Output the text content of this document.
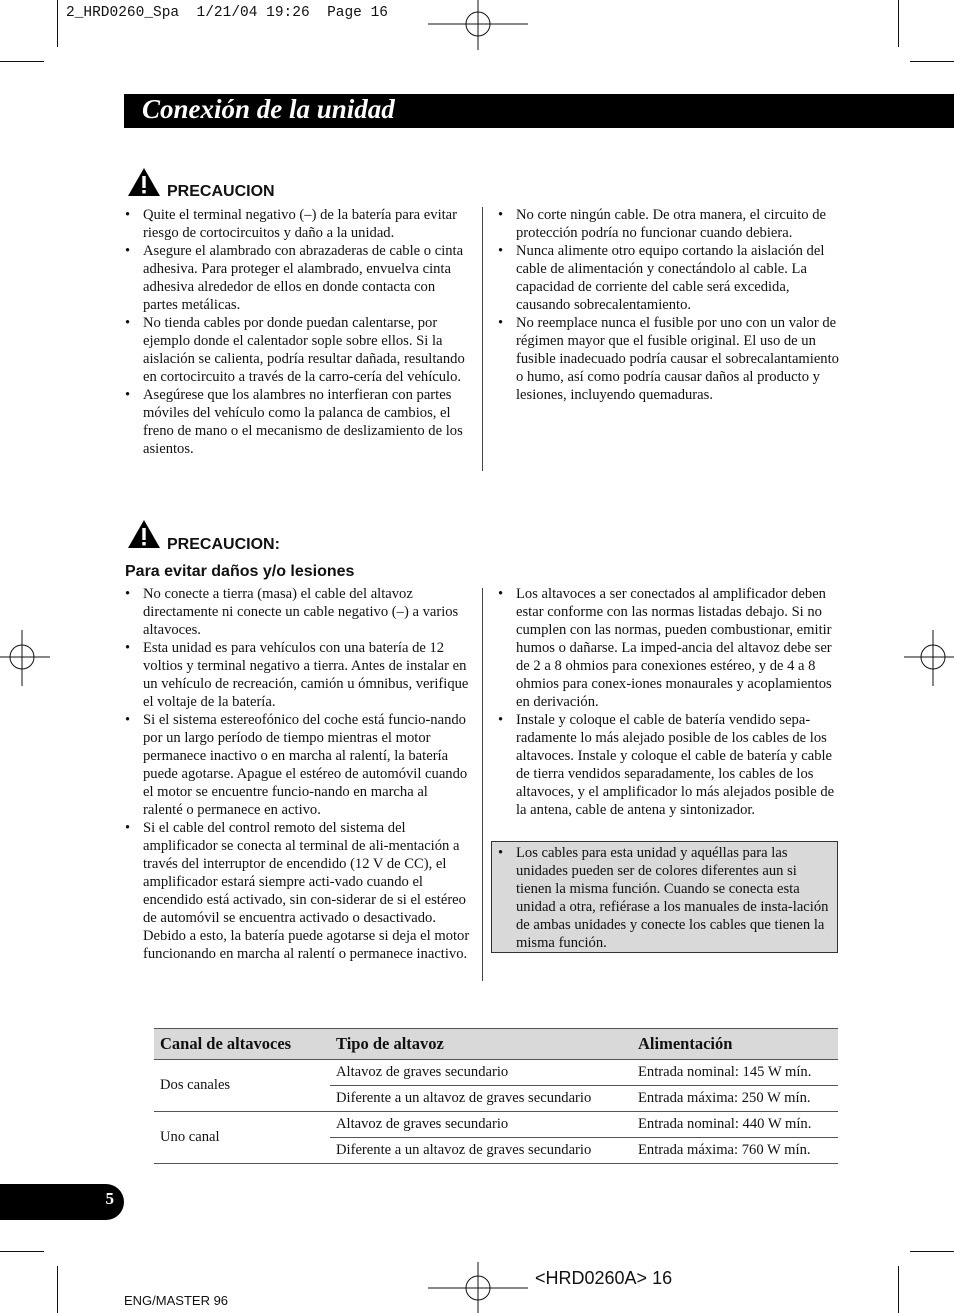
2_HRD0260_Spa 1/21/04 19:26 Page 16
Conexión de la unidad
PRECAUCION
• Quite el terminal negativo (–) de la batería para evitar riesgo de cortocircuitos y daño a la unidad.
• Asegure el alambrado con abrazaderas de cable o cinta adhesiva. Para proteger el alambrado, envuelva cinta adhesiva alrededor de ellos en donde contacta con partes metálicas.
• No tienda cables por donde puedan calentarse, por ejemplo donde el calentador sople sobre ellos. Si la aislación se calienta, podría resultar dañada, resultando en cortocircuito a través de la carro-cería del vehículo.
• Asegúrese que los alambres no interfieran con partes móviles del vehículo como la palanca de cambios, el freno de mano o el mecanismo de deslizamiento de los asientos.
• No corte ningún cable. De otra manera, el circuito de protección podría no funcionar cuando debiera.
• Nunca alimente otro equipo cortando la aislación del cable de alimentación y conectándolo al cable. La capacidad de corriente del cable será excedida, causando sobrecalentamiento.
• No reemplace nunca el fusible por uno con un valor de régimen mayor que el fusible original. El uso de un fusible inadecuado podría causar el sobrecalantamiento o humo, así como podría causar daños al producto y lesiones, incluyendo quemaduras.
PRECAUCION:
Para evitar daños y/o lesiones
• No conecte a tierra (masa) el cable del altavoz directamente ni conecte un cable negativo (–) a varios altavoces.
• Esta unidad es para vehículos con una batería de 12 voltios y terminal negativo a tierra. Antes de instalar en un vehículo de recreación, camión u ómnibus, verifique el voltaje de la batería.
• Si el sistema estereofónico del coche está funcio-nando por un largo período de tiempo mientras el motor permanece inactivo o en marcha al ralentí, la batería puede agotarse. Apague el estéreo de automóvil cuando el motor se encuentre funcio-nando en marcha al ralenté o permanece en activo.
• Si el cable del control remoto del sistema del amplificador se conecta al terminal de ali-mentación a través del interruptor de encendido (12 V de CC), el amplificador estará siempre acti-vado cuando el encendido está activado, sin con-siderar de si el estéreo de automóvil se encuentra activado o desactivado. Debido a esto, la batería puede agotarse si deja el motor funcionando en marcha al ralentí o permanece inactivo.
• Los altavoces a ser conectados al amplificador deben estar conforme con las normas listadas debajo. Si no cumplen con las normas, pueden combustionar, emitir humos o dañarse. La imped-ancia del altavoz debe ser de 2 a 8 ohmios para conexiones estéreo, y de 4 a 8 ohmios para conex-iones monaurales y acoplamientos en derivación.
• Instale y coloque el cable de batería vendido sepa-radamente lo más alejado posible de los cables de los altavoces. Instale y coloque el cable de batería y cable de tierra vendidos separadamente, los cables de los altavoces, y el amplificador lo más alejados posible de la antena, cable de antena y sintonizador.
• Los cables para esta unidad y aquéllas para las unidades pueden ser de colores diferentes aun si tienen la misma función. Cuando se conecta esta unidad a otra, refiérase a los manuales de insta-lación de ambas unidades y conecte los cables que tienen la misma función.
Canal de altavoces	Tipo de altavoz	Alimentación
Dos canales	Altavoz de graves secundario	Entrada nominal: 145 W mín.
	Diferente a un altavoz de graves secundario	Entrada máxima: 250 W mín.
Uno canal	Altavoz de graves secundario	Entrada nominal: 440 W mín.
	Diferente a un altavoz de graves secundario	Entrada máxima: 760 W mín.
5
<HRD0260A> 16
ENG/MASTER 96
